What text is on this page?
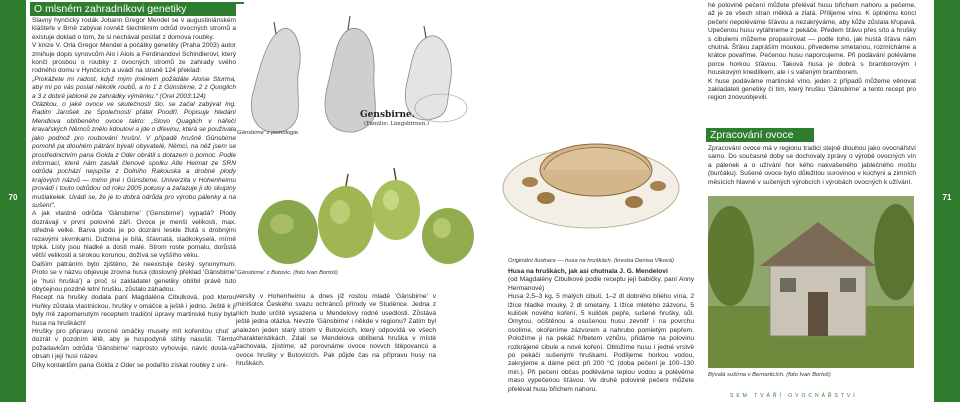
70
O mlsném zahradníkovi genetiky

Slavný hynčický rodák Johann Gregor Mendel se v augustiniánském klášteře v Brně zabýval rovněž šlechtěním odrůd ovocných stromů a existuje doklad o tom, že si nechával posílat z domova roubky.

V knize V. Orla Gregor Mendel a počátky genetiky (Praha 2003) autor zmiňuje dopis synovcům Alo i Alois a Ferdinandovi Schindlerovi, který končí prosbou o roubky z ovocných stromů ze zahrady svého rodného domu v Hynčicích a uvádí na straně 124 překlad:

„Prokážete mi radost, když mým jménem požádáte Aloise Sturma, aby mi po vás poslal několik roubů, a to 1 z Günsbirne, 2 z Quoglich a 3 z dobré jabloně ze zahrádky výměnku.“ (Orel 2003:124)

Otázkou, o jaké ovoce ve skutečnosti šlo, se začal zabývat Ing. Radim Jarošek ze Společnosti přátel Poodří. Popisuje hledání Mendlova oblíbeného ovoce takto: „Slovo Quaglich v nářečí kravařských Němců znělo kdoulovi a jde o dřevinu, která se používala jako podnož pro roubování hrušní. V případě hrušně Günsbirne pomohli pa dlouhém pátrání bývalí obyvatelé, Němci, na něž jsem se prostřednictvím pana Golda z Oder obrátil s dotazem o pomoc. Podle informací, které nám zaslali členové spolku Alte Heimat ze SRN odrůda pochází nejspíše z Dolního Rakouska a drobné plody krajových názvů — mimo jiné i Günsbirne. Univerzita v Hohenheimu provádí i touto odrůdou od roku 2005 pokusy a zařazuje ji do skupiny mušlakelek. Uvádí se, že je to dobrá odrůda pro výrobu pálenky a na sušení“.

A jak vlastně odrůda 'Gänsbirne' ('Gensbirne') vypadá? Plody dozrávají v první polovině září. Ovoce je menší velikosti, max. středně velké. Barva plodu je po dozrání leskle žlutá s drobnými rezavými skvrnkami. Dužnina je bílá, šťavnatá, sladkokyselá, mírně trpká. Listy jsou hladké a dosti malé. Strom roste pomalu, dorůstá větší velikosti a sirokou korunou, dožívá se vyššího věku.

Dalším pátráním bylo zjištěno, že neexistuje český synonymum. Proto se v názvu objevuje zrovna husa (doslovný překlad 'Gänsbirne' je 'husí hruška') a proč si zakladatel genetiky oblíbil právě tuto obyčejnou pozdně letní hrušku, zůstalo záhadou.

Recept na hrušky dodala paní Magdaléna Cibulková, pod kterou Huňky zůstala vlastnickou, hrušky v omáčce a ještě i jedno. Ještě k jí byly mě zapomenutým receptem tradiční úpravy martinské husy byla husa na hruškách!

Hrušky pro připravu ovocné omáčky musely mít kořenitou chuť a dozrát v pozdním létě, aby je hospodyně stihly nasušit. Těmto požadavkům odrůda 'Gänsbirne' naprosto vyhovuje, navíc dosta-vá obsah i její husí název.

Díky kontaktům pana Golda z Oder se podařilo získat roubky z uni-

Gensbirne.
(Familie: Längsbirnen.)
'Gänsbirne' z pomologie.
'Gänsbirne' z Butovic. (foto Ivan Bortoš)

versity v Hohenheimu a dnes již rostou mladé 'Gänsbirne' v minišolce Českého svazu ochránců přírody ve Studénce. Jedna z nich bude určitě vysazena u Mendelovy rodné usedlosti. Zůstává ještě jedna otázka. Nevzte 'Gänsbirne' i někde v regionu? Zatím byl nalezen jeden starý strom v Butovicích, který odpovídá ve všech charakteristikách. Zdali se Mendelova oblíbená hruška v místě zachovala, zjistíme, až porovnáme ovoce novvch štěpovancú a ovoce hrušky v Butovicích. Pak půjde čas na přípravu husy na hruškách.

71
Originální ilustrace — husa na hruškách. (kresba Denisa Vlková)

Husa na hruškách, jak asi chutnala J. G. Mendelovi

(od Magdalény Cibulkové podle receptu její babičky, paní Anny Hermanové)

Husa 2,5–3 kg, 5 malých cibulí, 1–2 dl dobrého bílého vína, 2 lžíce hladké mouky, 2 dl smetany, 1 lžíce mletého zázvoru, 5 kuliček nového koření, 5 kuliček pepře, sušené hrušky, sůl. Omytou, očištěnou a osušenou husu zevnitř i na povrchu osolíme, okořeníme zázvorem a nahrubo pomletým pepřem. Položíme ji na pekáč hřbetem vzhůru, přidáme na polovinu rozkrájené cibule a nové koření. Obložíme husu i jedné vrstvě po pekáči sušenými hruškami. Podlijeme horkou vodou, zakryjeme a dáme péct při 200 °C (doba pečení je 100–130 min.). Při pečení občas podléváme teplou vodou a polévéme maso vypečenou šťávou. Ve druhé polovině pečení můžete přelévat husu břichem nahoru.

hé polovině pečení můžete přelévat husu břichem nahoru a pečeme, až je ze všech stran měkká a zlatá. Přílijeme víno. K úplnému konci pečení nepoléváme šťávou a nezakrýváme, aby kůže zůstala křupavá. Upečenou husu vytáhneme z pekáče. Předem šťávu přes síto a hrušky s cibulemi můžeme propasírovat — podle toho, jak hustá šťáva nám chutná. Šťávu zapráším moukou, přivedeme smetanou, rozmícháme a krátce povaříme. Pečenou husu naporcujeme. Při podávání poléváme porce horkou šťávou. Taková husa je dobrá s bramborovým i houskovým knedlíkem, ale i s vařeným bramborem.

K huse podáváme martinské víno, jeden z případů můžeme věnovat zakladateli genetiky či tím, který hrušku 'Gänsbirne' a tento recept pro region znovuobjevili.

Zpracování ovoce

Zpracování ovoce má v regionu tradici stejně dlouhou jako ovocnářství samo. Do současné doby se dochovaly zprávy o výrobě ovocných vín a pálenek a o užívání hor kého nakvašeného jablečného moštu (burčáku). Sušené ovoce bylo důležitou surovinou v kuchyni a zimních měsících hlavně v sučených výrobcích i výrobách ovocných k užívání.

Bývalá sušírna v Bernarticích. (foto Ivan Bortoš)
SEM TVÁŘÍ OVOCNÁŘSTVÍ
